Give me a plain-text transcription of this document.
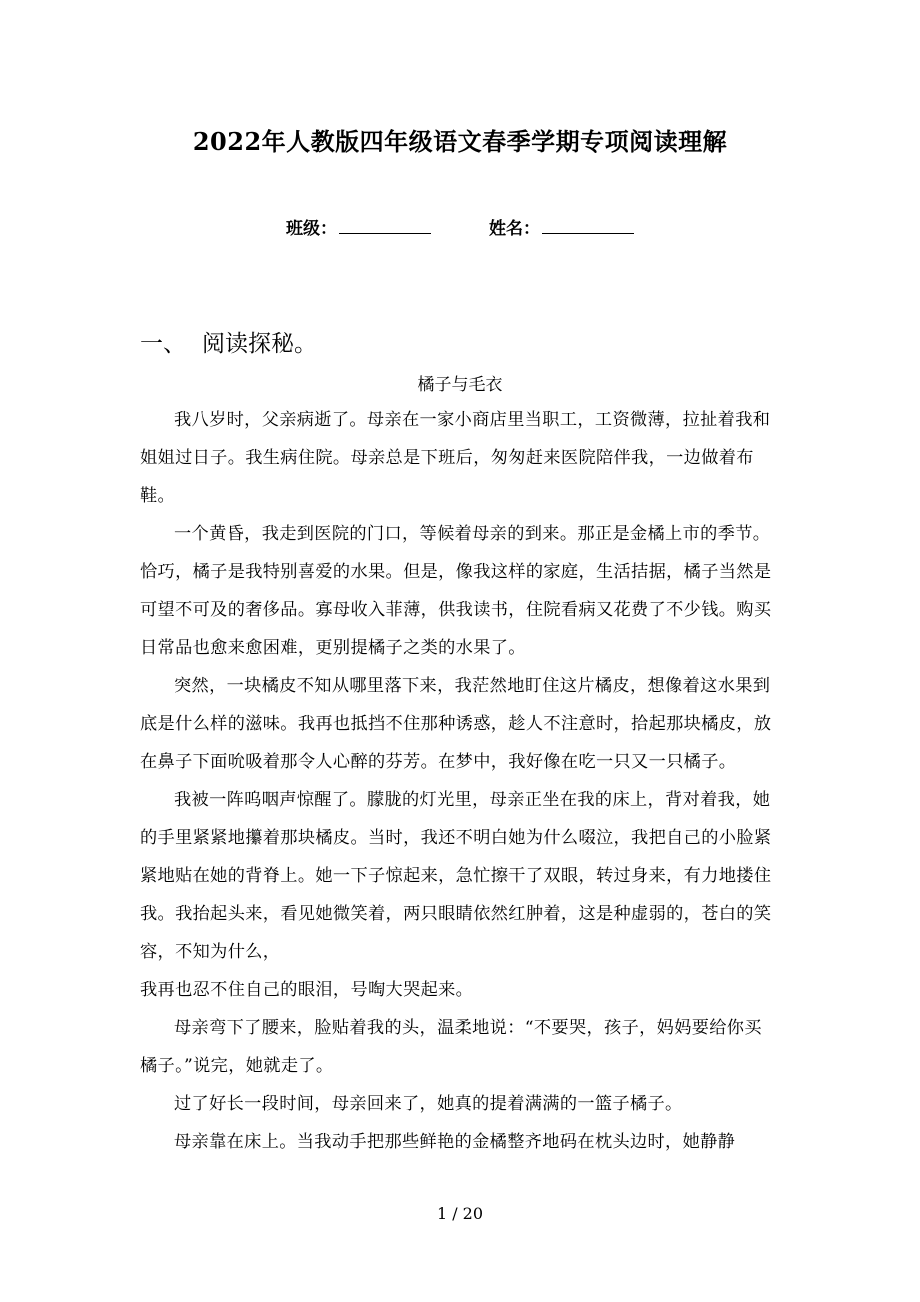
2022年人教版四年级语文春季学期专项阅读理解
班级：	姓名：
一、 阅读探秘。
橘子与毛衣

我八岁时，父亲病逝了。母亲在一家小商店里当职工，工资微薄，拉扯着我和姐姐过日子。我生病住院。母亲总是下班后，匆匆赶来医院陪伴我，一边做着布鞋。

一个黄昏，我走到医院的门口，等候着母亲的到来。那正是金橘上市的季节。恰巧，橘子是我特别喜爱的水果。但是，像我这样的家庭，生活拮据，橘子当然是可望不可及的奢侈品。寡母收入菲薄，供我读书，住院看病又花费了不少钱。购买日常品也愈来愈困难，更别提橘子之类的水果了。

突然，一块橘皮不知从哪里落下来，我茫然地盯住这片橘皮，想像着这水果到底是什么样的滋味。我再也抵挡不住那种诱惑，趁人不注意时，拾起那块橘皮，放在鼻子下面吮吸着那令人心醉的芬芳。在梦中，我好像在吃一只又一只橘子。

我被一阵呜咽声惊醒了。朦胧的灯光里，母亲正坐在我的床上，背对着我，她的手里紧紧地攥着那块橘皮。当时，我还不明白她为什么啜泣，我把自己的小脸紧紧地贴在她的背脊上。她一下子惊起来，急忙擦干了双眼，转过身来，有力地搂住我。我抬起头来，看见她微笑着，两只眼睛依然红肿着，这是种虚弱的，苍白的笑容，不知为什么，

我再也忍不住自己的眼泪，号啕大哭起来。

母亲弯下了腰来，脸贴着我的头，温柔地说：“不要哭，孩子，妈妈要给你买橘子。”说完，她就走了。

过了好长一段时间，母亲回来了，她真的提着满满的一篮子橘子。

母亲靠在床上。当我动手把那些鲜艳的金橘整齐地码在枕头边时，她静静

1 / 20
